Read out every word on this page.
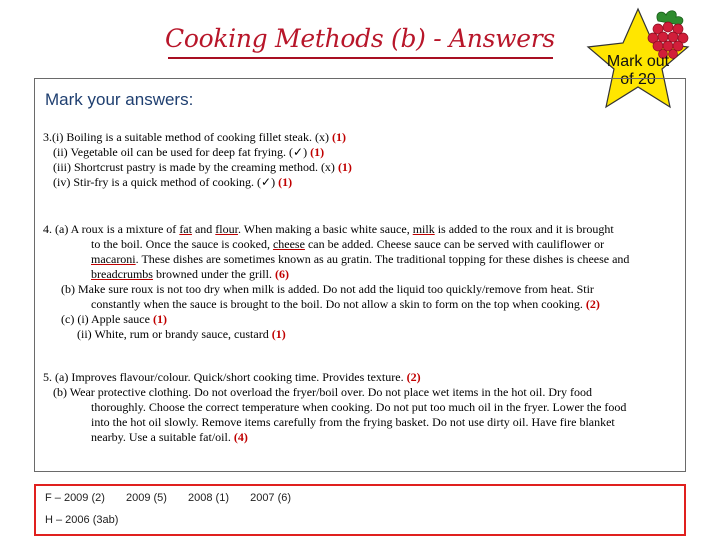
Cooking Methods (b) - Answers
Mark out of 20
Mark your answers:
3.(i) Boiling is a suitable method of cooking fillet steak. (x) (1)
(ii) Vegetable oil can be used for deep fat frying. (✓) (1)
(iii) Shortcrust pastry is made by the creaming method. (x) (1)
(iv) Stir-fry is a quick method of cooking. (✓) (1)
4. (a) A roux is a mixture of fat and flour. When making a basic white sauce, milk is added to the roux and it is brought
to the boil. Once the sauce is cooked, cheese can be added. Cheese sauce can be served with cauliflower or
macaroni. These dishes are sometimes known as au gratin. The traditional topping for these dishes is cheese and
breadcrumbs browned under the grill. (6)
(b) Make sure roux is not too dry when milk is added. Do not add the liquid too quickly/remove from heat. Stir
constantly when the sauce is brought to the boil. Do not allow a skin to form on the top when cooking. (2)
(c) (i) Apple sauce (1)
(ii) White, rum or brandy sauce, custard (1)
5. (a) Improves flavour/colour. Quick/short cooking time. Provides texture. (2)
(b) Wear protective clothing. Do not overload the fryer/boil over. Do not place wet items in the hot oil. Dry food
thoroughly. Choose the correct temperature when cooking. Do not put too much oil in the fryer. Lower the food
into the hot oil slowly. Remove items carefully from the frying basket. Do not use dirty oil. Have fire blanket
nearby. Use a suitable fat/oil. (4)
F – 2009 (2) 2009 (5) 2008 (1) 2007 (6)
H – 2006 (3ab)
